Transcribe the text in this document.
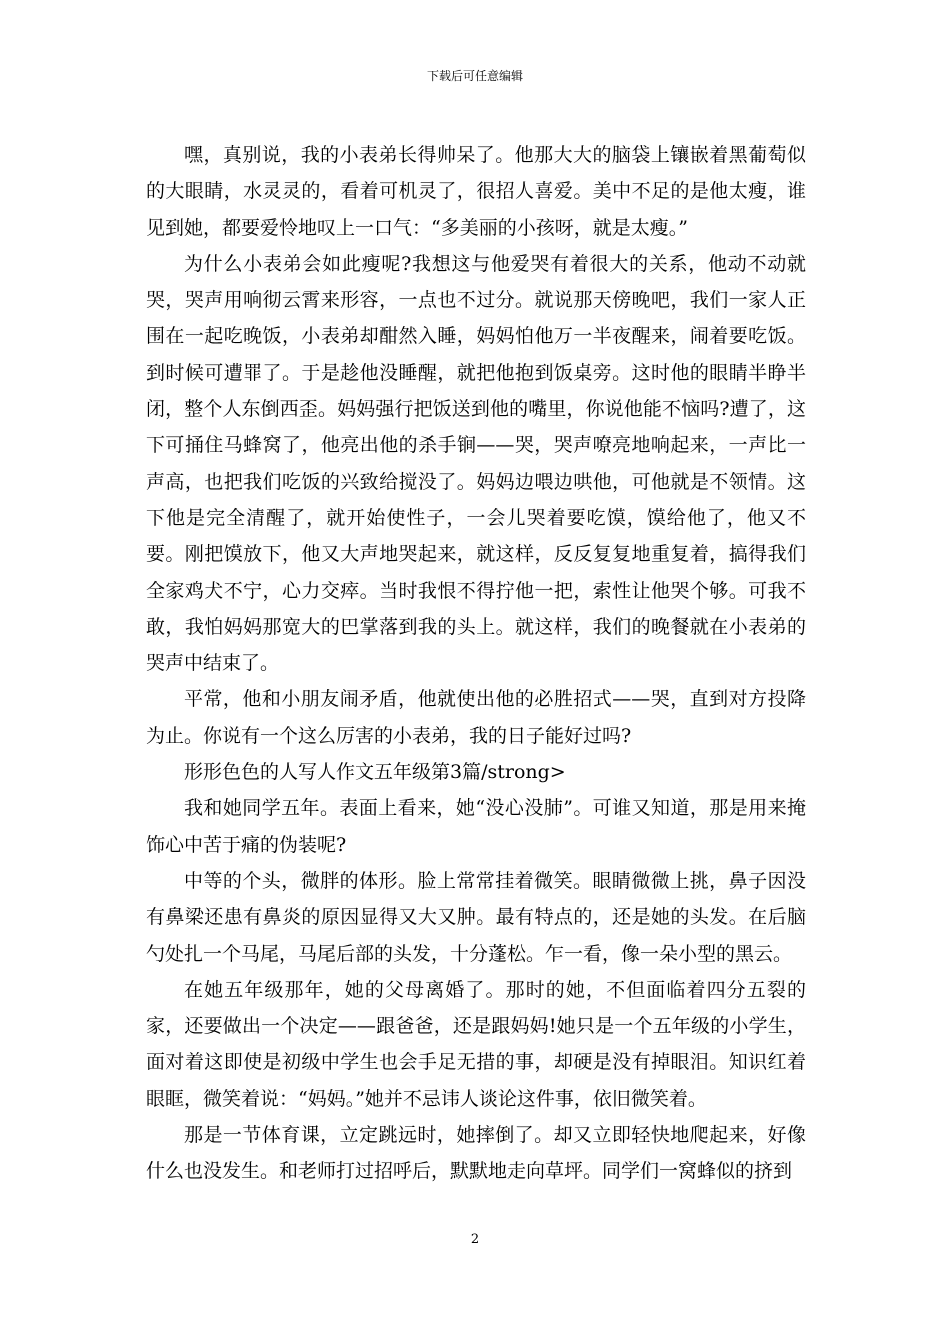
下载后可任意编辑

嘿，真别说，我的小表弟长得帅呆了。他那大大的脑袋上镶嵌着黑葡萄似的大眼睛，水灵灵的，看着可机灵了，很招人喜爱。美中不足的是他太瘦，谁见到她，都要爱怜地叹上一口气：“多美丽的小孩呀，就是太瘦。”

为什么小表弟会如此瘦呢?我想这与他爱哭有着很大的关系，他动不动就哭，哭声用响彻云霄来形容，一点也不过分。就说那天傍晚吧，我们一家人正围在一起吃晚饭，小表弟却酣然入睡，妈妈怕他万一半夜醒来，闹着要吃饭。到时候可遭罪了。于是趁他没睡醒，就把他抱到饭桌旁。这时他的眼睛半睁半闭，整个人东倒西歪。妈妈强行把饭送到他的嘴里，你说他能不恼吗?遭了，这下可捅住马蜂窝了，他亮出他的杀手锏——哭，哭声嘹亮地响起来，一声比一声高，也把我们吃饭的兴致给搅没了。妈妈边喂边哄他，可他就是不领情。这下他是完全清醒了，就开始使性子，一会儿哭着要吃馍，馍给他了，他又不要。刚把馍放下，他又大声地哭起来，就这样，反反复复地重复着，搞得我们全家鸡犬不宁，心力交瘁。当时我恨不得拧他一把，索性让他哭个够。可我不敢，我怕妈妈那宽大的巴掌落到我的头上。就这样，我们的晚餐就在小表弟的哭声中结束了。

平常，他和小朋友闹矛盾，他就使出他的必胜招式——哭，直到对方投降为止。你说有一个这么厉害的小表弟，我的日子能好过吗?

形形色色的人写人作文五年级第3篇/strong>

我和她同学五年。表面上看来，她“没心没肺”。可谁又知道，那是用来掩饰心中苦于痛的伪装呢?

中等的个头，微胖的体形。脸上常常挂着微笑。眼睛微微上挑，鼻子因没有鼻梁还患有鼻炎的原因显得又大又肿。最有特点的，还是她的头发。在后脑勺处扎一个马尾，马尾后部的头发，十分蓬松。乍一看，像一朵小型的黑云。

在她五年级那年，她的父母离婚了。那时的她，不但面临着四分五裂的家，还要做出一个决定——跟爸爸，还是跟妈妈!她只是一个五年级的小学生，面对着这即使是初级中学生也会手足无措的事，却硬是没有掉眼泪。知识红着眼眶，微笑着说：“妈妈。”她并不忌讳人谈论这件事，依旧微笑着。

那是一节体育课，立定跳远时，她摔倒了。却又立即轻快地爬起来，好像什么也没发生。和老师打过招呼后，默默地走向草坪。同学们一窝蜂似的挤到

2
